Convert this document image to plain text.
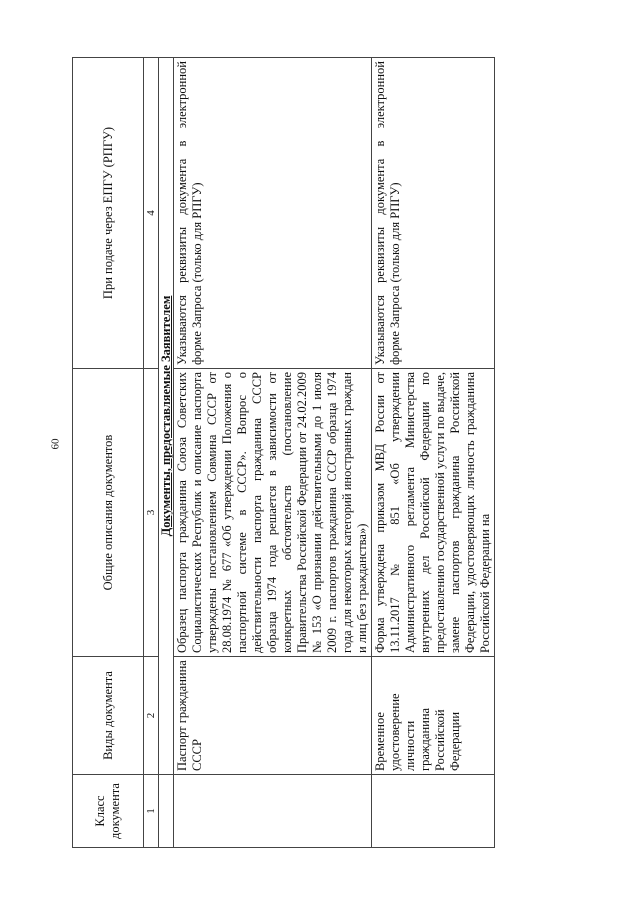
60
Класс документа	Виды документа	Общие описания документов	При подаче через ЕПГУ (РПГУ)
1	2	3	4
	Документы, предоставляемые Заявителем		
	Паспорт гражданина СССР	Образец паспорта гражданина Союза Советских Социалистических Республик и описание паспорта утверждены постановлением Совмина СССР от 28.08.1974 № 677 «Об утверждении Положения о паспортной системе в СССР». Вопрос о действительности паспорта гражданина СССР образца 1974 года решается в зависимости от конкретных обстоятельств (постановление Правительства Российской Федерации от 24.02.2009 № 153 «О признании действительными до 1 июля 2009 г. паспортов гражданина СССР образца 1974 года для некоторых категорий иностранных граждан и лиц без гражданства»)	Указываются реквизиты документа в электронной форме Запроса (только для РПГУ)
	Временное удостоверение личности гражданина Российской Федерации	Форма утверждена приказом МВД России от 13.11.2017 № 851 «Об утверждении Административного регламента Министерства внутренних дел Российской Федерации по предоставлению государственной услуги по выдаче, замене паспортов гражданина Российской Федерации, удостоверяющих личность гражданина Российской Федерации на	Указываются реквизиты документа в электронной форме Запроса (только для РПГУ)
